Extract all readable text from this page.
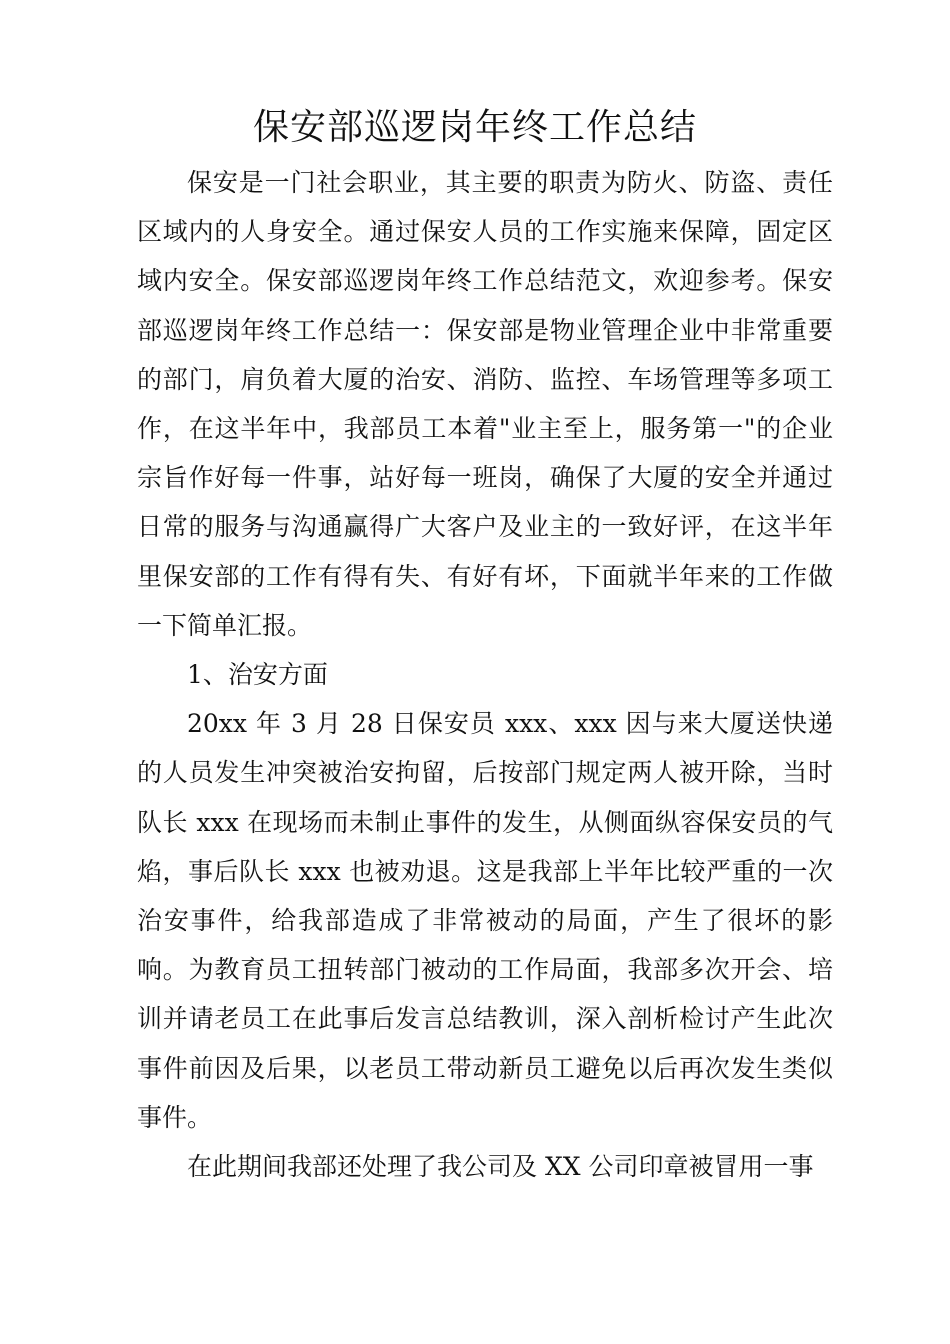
保安部巡逻岗年终工作总结

保安是一门社会职业，其主要的职责为防火、防盗、责任区域内的人身安全。通过保安人员的工作实施来保障，固定区域内安全。保安部巡逻岗年终工作总结范文，欢迎参考。保安部巡逻岗年终工作总结一：保安部是物业管理企业中非常重要的部门，肩负着大厦的治安、消防、监控、车场管理等多项工作，在这半年中，我部员工本着"业主至上，服务第一"的企业宗旨作好每一件事，站好每一班岗，确保了大厦的安全并通过日常的服务与沟通赢得广大客户及业主的一致好评，在这半年里保安部的工作有得有失、有好有坏，下面就半年来的工作做一下简单汇报。

1、治安方面

20xx 年 3 月 28 日保安员 xxx、xxx 因与来大厦送快递的人员发生冲突被治安拘留，后按部门规定两人被开除，当时队长 xxx 在现场而未制止事件的发生，从侧面纵容保安员的气焰，事后队长 xxx 也被劝退。这是我部上半年比较严重的一次治安事件，给我部造成了非常被动的局面，产生了很坏的影响。为教育员工扭转部门被动的工作局面，我部多次开会、培训并请老员工在此事后发言总结教训，深入剖析检讨产生此次事件前因及后果，以老员工带动新员工避免以后再次发生类似事件。

在此期间我部还处理了我公司及 XX 公司印章被冒用一事
